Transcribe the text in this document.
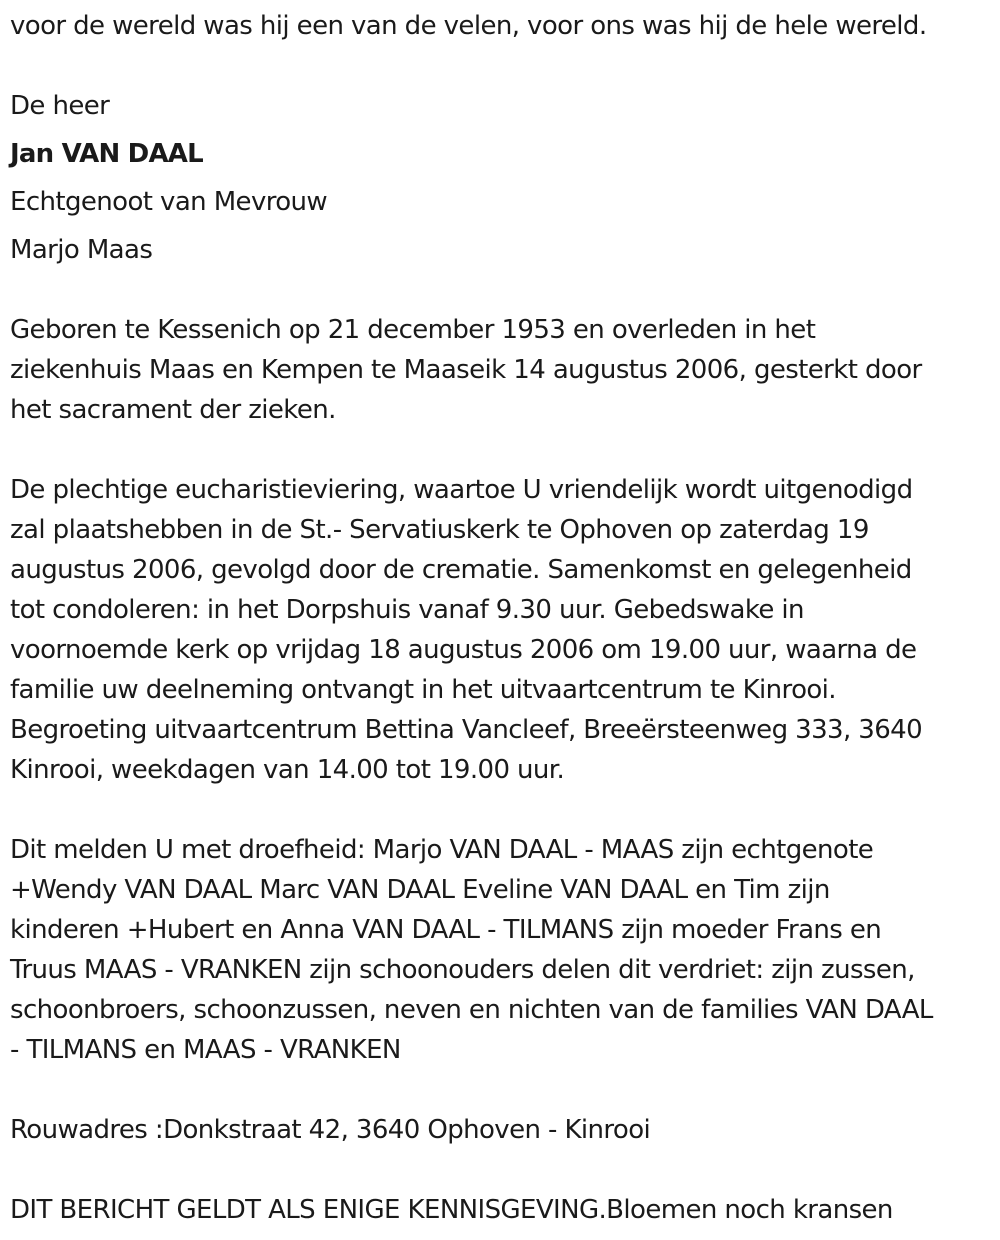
voor de wereld was hij een van de velen, voor ons was hij de hele wereld.
De heer
Jan VAN DAAL
Echtgenoot van Mevrouw
Marjo Maas
Geboren te Kessenich op 21 december 1953 en overleden in het
ziekenhuis Maas en Kempen te Maaseik 14 augustus 2006, gesterkt door
het sacrament der zieken.
De plechtige eucharistieviering, waartoe U vriendelijk wordt uitgenodigd
zal plaatshebben in de St.- Servatiuskerk te Ophoven op zaterdag 19
augustus 2006, gevolgd door de crematie. Samenkomst en gelegenheid
tot condoleren: in het Dorpshuis vanaf 9.30 uur. Gebedswake in
voornoemde kerk op vrijdag 18 augustus 2006 om 19.00 uur, waarna de
familie uw deelneming ontvangt in het uitvaartcentrum te Kinrooi.
Begroeting uitvaartcentrum Bettina Vancleef, Breeërsteenweg 333, 3640
Kinrooi, weekdagen van 14.00 tot 19.00 uur.
Dit melden U met droefheid: Marjo VAN DAAL - MAAS zijn echtgenote
+Wendy VAN DAAL Marc VAN DAAL Eveline VAN DAAL en Tim zijn
kinderen +Hubert en Anna VAN DAAL - TILMANS zijn moeder Frans en
Truus MAAS - VRANKEN zijn schoonouders delen dit verdriet: zijn zussen,
schoonbroers, schoonzussen, neven en nichten van de families VAN DAAL
- TILMANS en MAAS - VRANKEN
Rouwadres :Donkstraat 42, 3640 Ophoven - Kinrooi
DIT BERICHT GELDT ALS ENIGE KENNISGEVING.Bloemen noch kransen
